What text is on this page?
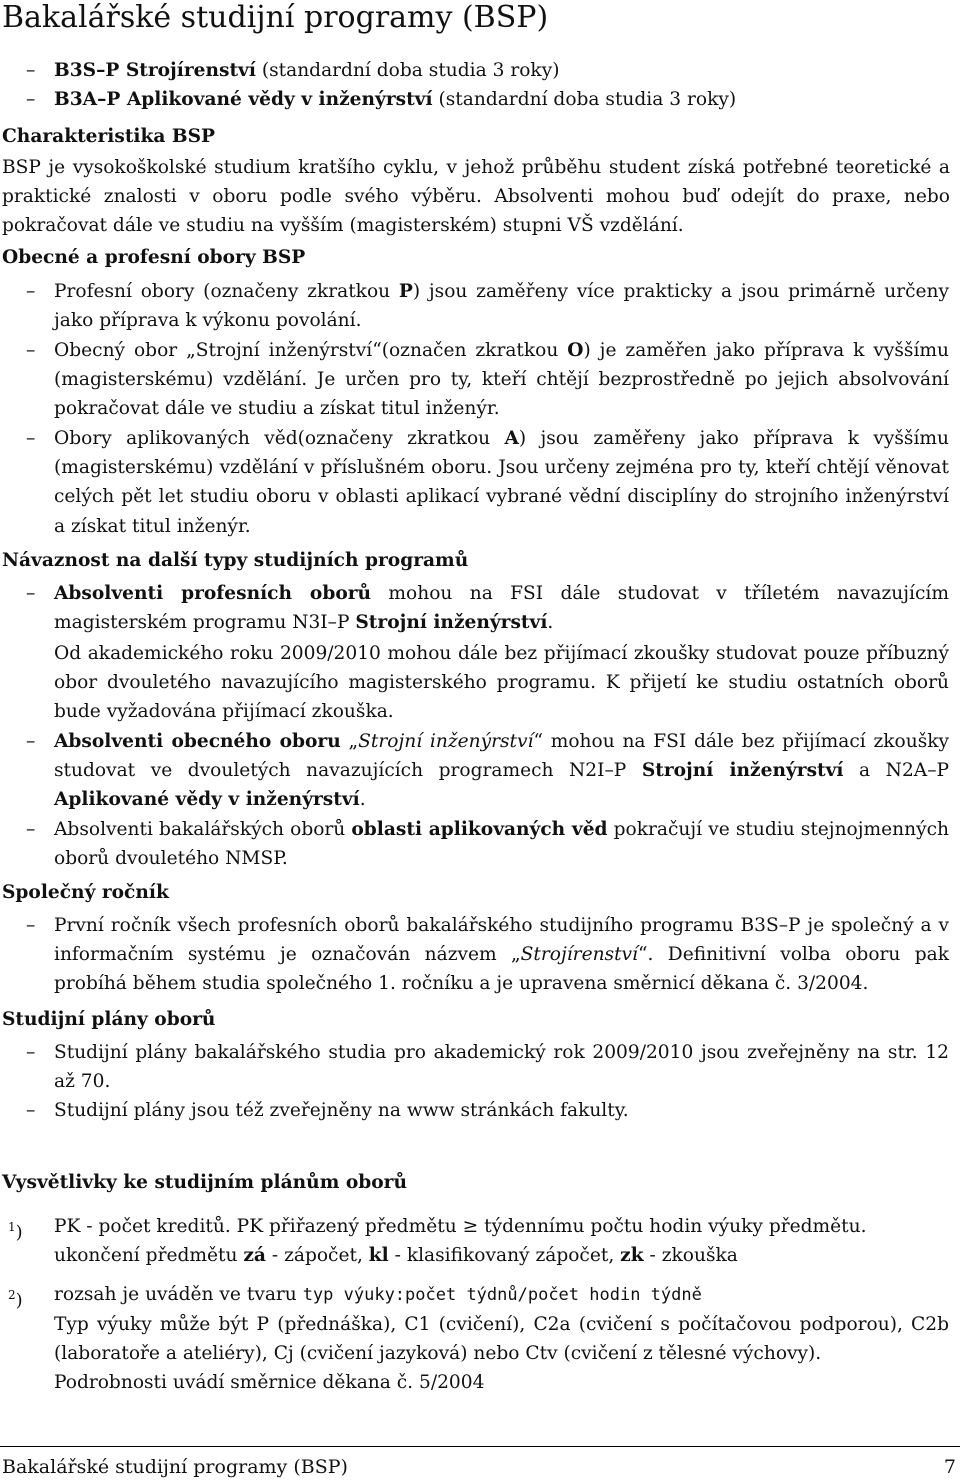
Bakalářské studijní programy (BSP)
– B3S–P Strojírenství (standardní doba studia 3 roky)
– B3A–P Aplikované vědy v inženýrství (standardní doba studia 3 roky)
Charakteristika BSP

BSP je vysokoškolské studium kratšího cyklu, v jehož průběhu student získá potřebné teoretické a praktické znalosti v oboru podle svého výběru. Absolventi mohou buď odejít do praxe, nebo pokračovat dále ve studiu na vyšším (magisterském) stupni VŠ vzdělání.

Obecné a profesní obory BSP
– Profesní obory (označeny zkratkou P) jsou zaměřeny více prakticky a jsou primárně určeny jako příprava k výkonu povolání.
– Obecný obor „Strojní inženýrství“(označen zkratkou O) je zaměřen jako příprava k vyššímu (magisterskému) vzdělání. Je určen pro ty, kteří chtějí bezprostředně po jejich absolvování pokračovat dále ve studiu a získat titul inženýr.
– Obory aplikovaných věd(označeny zkratkou A) jsou zaměřeny jako příprava k vyššímu (magisterskému) vzdělání v příslušném oboru. Jsou určeny zejména pro ty, kteří chtějí věnovat celých pět let studiu oboru v oblasti aplikací vybrané vědní disciplíny do strojního inženýrství a získat titul inženýr.
Návaznost na další typy studijních programů
– Absolventi profesních oborů mohou na FSI dále studovat v tříletém navazujícím magisterském programu N3I–P Strojní inženýrství.
Od akademického roku 2009/2010 mohou dále bez přijímací zkoušky studovat pouze příbuzný obor dvouletého navazujícího magisterského programu. K přijetí ke studiu ostatních oborů bude vyžadována přijímací zkouška.
– Absolventi obecného oboru „Strojní inženýrství“ mohou na FSI dále bez přijímací zkoušky studovat ve dvouletých navazujících programech N2I–P Strojní inženýrství a N2A–P Aplikované vědy v inženýrství.
– Absolventi bakalářských oborů oblasti aplikovaných věd pokračují ve studiu stejnojmenných oborů dvouletého NMSP.
Společný ročník
– První ročník všech profesních oborů bakalářského studijního programu B3S–P je společný a v informačním systému je označován názvem „Strojírenství“. Definitivní volba oboru pak probíhá během studia společného 1. ročníku a je upravena směrnicí děkana č. 3/2004.
Studijní plány oborů
– Studijní plány bakalářského studia pro akademický rok 2009/2010 jsou zveřejněny na str. 12 až 70.
– Studijní plány jsou též zveřejněny na www stránkách fakulty.
Vysvětlivky ke studijním plánům oborů
$^1$) PK - počet kreditů. PK přiřazený předmětu ≥ týdennímu počtu hodin výuky předmětu.
ukončení předmětu zá - zápočet, kl - klasifikovaný zápočet, zk - zkouška
$^2$) rozsah je uváděn ve tvaru typ výuky:počet týdnů/počet hodin týdně
Typ výuky může být P (přednáška), C1 (cvičení), C2a (cvičení s počítačovou podporou), C2b (laboratoře a ateliéry), Cj (cvičení jazyková) nebo Ctv (cvičení z tělesné výchovy).
Podrobnosti uvádí směrnice děkana č. 5/2004
Bakalářské studijní programy (BSP)	7
